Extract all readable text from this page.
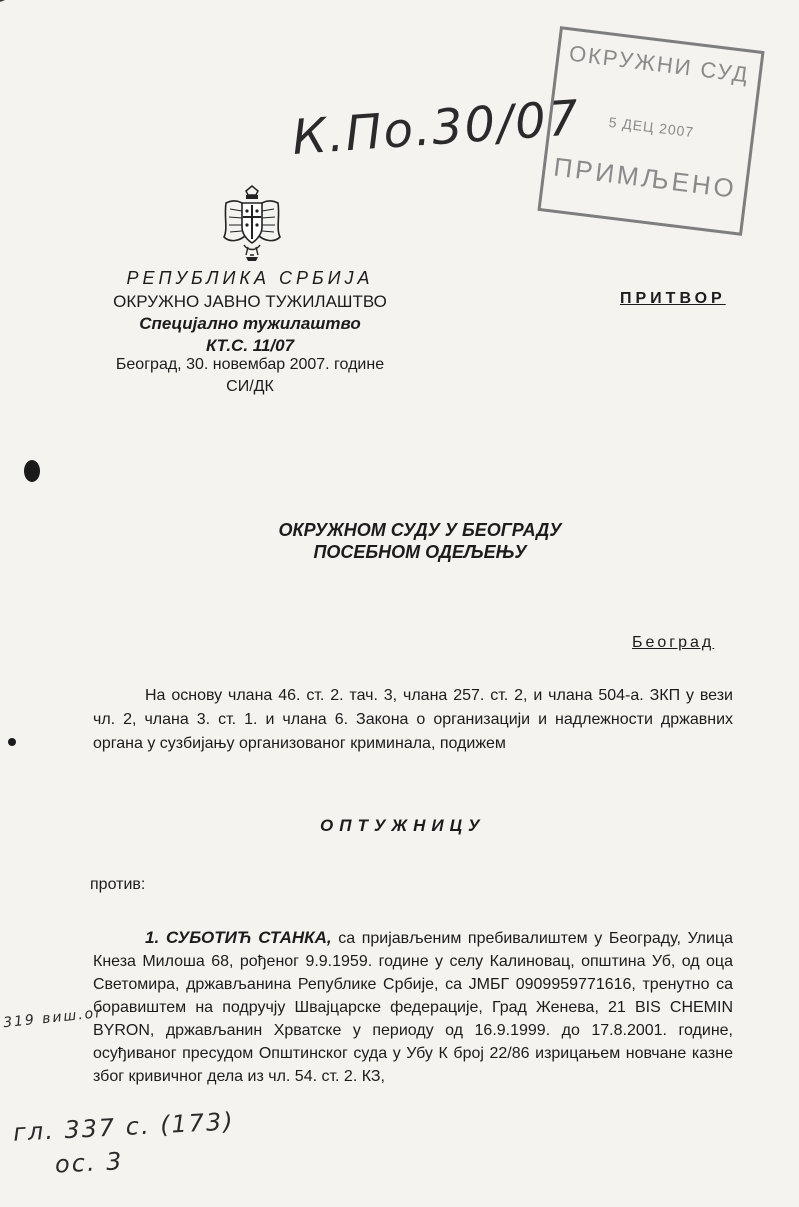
К.По.30/07
ОКРУЖНИ СУД
5 ДЕЦ 2007
ПРИМЉЕНО
РЕПУБЛИКА СРБИЈА
ОКРУЖНО ЈАВНО ТУЖИЛАШТВО
Специјално тужилаштво
КТ.С. 11/07
Београд, 30. новембар 2007. године
СИ/ДК
ПРИТВОР
ОКРУЖНОМ СУДУ У БЕОГРАДУ
ПОСЕБНОМ ОДЕЉЕЊУ
Београд

На основу члана 46. ст. 2. тач. 3, члана 257. ст. 2, и члана 504-а. ЗКП у вези чл. 2, члана 3. ст. 1. и члана 6. Закона о организацији и надлежности државних органа у сузбијању организованог криминала, подижем

ОПТУЖНИЦУ
против:

1. СУБОТИЋ СТАНКА, са пријављеним пребивалиштем у Београду, Улица Кнеза Милоша 68, рођеног 9.9.1959. године у селу Калиновац, општина Уб, од оца Светомира, држављанина Републике Србије, са ЈМБГ 0909959771616, тренутно са боравиштем на подручју Швајцарске федерације, Град Женева, 21 BIS CHEMIN BYRON, држављанин Хрватске у периоду од 16.9.1999. до 17.8.2001. године, осуђиваног пресудом Општинског суда у Убу К број 22/86 изрицањем новчане казне због кривичног дела из чл. 54. ст. 2. КЗ,

319 виш.ог
гл. 337 с. (173)
ос. 3
